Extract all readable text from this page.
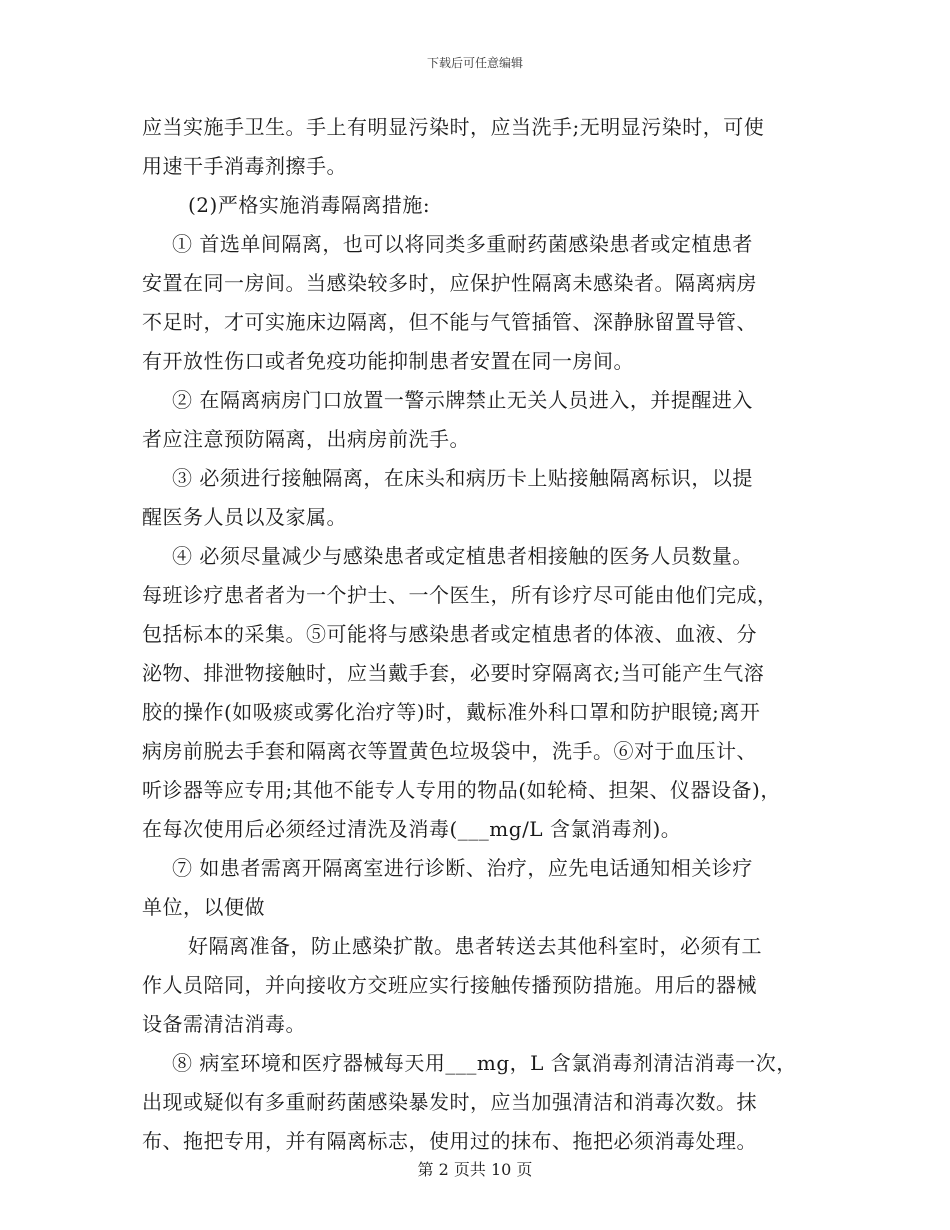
下载后可任意编辑
应当实施手卫生。手上有明显污染时，应当洗手;无明显污染时，可使
用速干手消毒剂擦手。
(2)严格实施消毒隔离措施:
① 首选单间隔离，也可以将同类多重耐药菌感染患者或定植患者
安置在同一房间。当感染较多时，应保护性隔离未感染者。隔离病房
不足时，才可实施床边隔离，但不能与气管插管、深静脉留置导管、
有开放性伤口或者免疫功能抑制患者安置在同一房间。
② 在隔离病房门口放置一警示牌禁止无关人员进入，并提醒进入
者应注意预防隔离，出病房前洗手。
③ 必须进行接触隔离，在床头和病历卡上贴接触隔离标识，以提
醒医务人员以及家属。
④ 必须尽量减少与感染患者或定植患者相接触的医务人员数量。
每班诊疗患者者为一个护士、一个医生，所有诊疗尽可能由他们完成，
包括标本的采集。⑤可能将与感染患者或定植患者的体液、血液、分
泌物、排泄物接触时，应当戴手套，必要时穿隔离衣;当可能产生气溶
胶的操作(如吸痰或雾化治疗等)时，戴标准外科口罩和防护眼镜;离开
病房前脱去手套和隔离衣等置黄色垃圾袋中，洗手。⑥对于血压计、
听诊器等应专用;其他不能专人专用的物品(如轮椅、担架、仪器设备)，
在每次使用后必须经过清洗及消毒(___mg/L 含氯消毒剂)。
⑦ 如患者需离开隔离室进行诊断、治疗，应先电话通知相关诊疗
单位，以便做
好隔离准备，防止感染扩散。患者转送去其他科室时，必须有工
作人员陪同，并向接收方交班应实行接触传播预防措施。用后的器械
设备需清洁消毒。
⑧ 病室环境和医疗器械每天用___mg，L 含氯消毒剂清洁消毒一次，
出现或疑似有多重耐药菌感染暴发时，应当加强清洁和消毒次数。抹
布、拖把专用，并有隔离标志，使用过的抹布、拖把必须消毒处理。
第 2 页共 10 页
